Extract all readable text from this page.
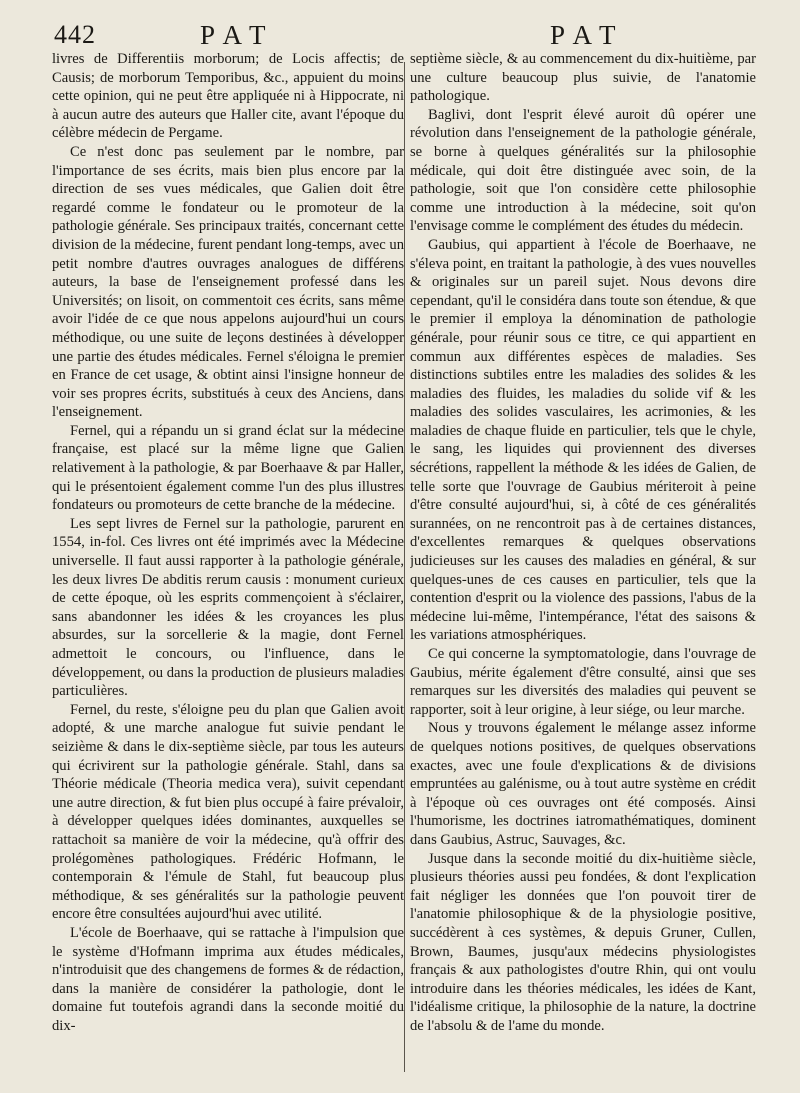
442	PAT	PAT

livres de Differentiis morborum; de Locis affectis; de Causis; de morborum Temporibus, &c., appuient du moins cette opinion, qui ne peut être appliquée ni à Hippocrate, ni à aucun autre des auteurs que Haller cite, avant l'époque du célèbre médecin de Pergame.

Ce n'est donc pas seulement par le nombre, par l'importance de ses écrits, mais bien plus encore par la direction de ses vues médicales, que Galien doit être regardé comme le fondateur ou le promoteur de la pathologie générale. Ses principaux traités, concernant cette division de la médecine, furent pendant long-temps, avec un petit nombre d'autres ouvrages analogues de différens auteurs, la base de l'enseignement professé dans les Universités; on lisoit, on commentoit ces écrits, sans même avoir l'idée de ce que nous appelons aujourd'hui un cours méthodique, ou une suite de leçons destinées à développer une partie des études médicales. Fernel s'éloigna le premier en France de cet usage, & obtint ainsi l'insigne honneur de voir ses propres écrits, substitués à ceux des Anciens, dans l'enseignement.

Fernel, qui a répandu un si grand éclat sur la médecine française, est placé sur la même ligne que Galien relativement à la pathologie, & par Boerhaave & par Haller, qui le présentoient également comme l'un des plus illustres fondateurs ou promoteurs de cette branche de la médecine.

Les sept livres de Fernel sur la pathologie, parurent en 1554, in-fol. Ces livres ont été imprimés avec la Médecine universelle. Il faut aussi rapporter à la pathologie générale, les deux livres De abditis rerum causis : monument curieux de cette époque, où les esprits commençoient à s'éclairer, sans abandonner les idées & les croyances les plus absurdes, sur la sorcellerie & la magie, dont Fernel admettoit le concours, ou l'influence, dans le développement, ou dans la production de plusieurs maladies particulières.

Fernel, du reste, s'éloigne peu du plan que Galien avoit adopté, & une marche analogue fut suivie pendant le seizième & dans le dix-septième siècle, par tous les auteurs qui écrivirent sur la pathologie générale. Stahl, dans sa Théorie médicale (Theoria medica vera), suivit cependant une autre direction, & fut bien plus occupé à faire prévaloir, à développer quelques idées dominantes, auxquelles se rattachoit sa manière de voir la médecine, qu'à offrir des prolégomènes pathologiques. Frédéric Hofmann, le contemporain & l'émule de Stahl, fut beaucoup plus méthodique, & ses généralités sur la pathologie peuvent encore être consultées aujourd'hui avec utilité.

L'école de Boerhaave, qui se rattache à l'impulsion que le système d'Hofmann imprima aux études médicales, n'introduisit que des changemens de formes & de rédaction, dans la manière de considérer la pathologie, dont le domaine fut toutefois agrandi dans la seconde moitié du dix-

septième siècle, & au commencement du dix-huitième, par une culture beaucoup plus suivie, de l'anatomie pathologique.

Baglivi, dont l'esprit élevé auroit dû opérer une révolution dans l'enseignement de la pathologie générale, se borne à quelques généralités sur la philosophie médicale, qui doit être distinguée avec soin, de la pathologie, soit que l'on considère cette philosophie comme une introduction à la médecine, soit qu'on l'envisage comme le complément des études du médecin.

Gaubius, qui appartient à l'école de Boerhaave, ne s'éleva point, en traitant la pathologie, à des vues nouvelles & originales sur un pareil sujet. Nous devons dire cependant, qu'il le considéra dans toute son étendue, & que le premier il employa la dénomination de pathologie générale, pour réunir sous ce titre, ce qui appartient en commun aux différentes espèces de maladies. Ses distinctions subtiles entre les maladies des solides & les maladies des fluides, les maladies du solide vif & les maladies des solides vasculaires, les acrimonies, & les maladies de chaque fluide en particulier, tels que le chyle, le sang, les liquides qui proviennent des diverses sécrétions, rappellent la méthode & les idées de Galien, de telle sorte que l'ouvrage de Gaubius mériteroit à peine d'être consulté aujourd'hui, si, à côté de ces généralités surannées, on ne rencontroit pas à de certaines distances, d'excellentes remarques & quelques observations judicieuses sur les causes des maladies en général, & sur quelques-unes de ces causes en particulier, tels que la contention d'esprit ou la violence des passions, l'abus de la médecine lui-même, l'intempérance, l'état des saisons & les variations atmosphériques.

Ce qui concerne la symptomatologie, dans l'ouvrage de Gaubius, mérite également d'être consulté, ainsi que ses remarques sur les diversités des maladies qui peuvent se rapporter, soit à leur origine, à leur siége, ou leur marche.

Nous y trouvons également le mélange assez informe de quelques notions positives, de quelques observations exactes, avec une foule d'explications & de divisions empruntées au galénisme, ou à tout autre système en crédit à l'époque où ces ouvrages ont été composés. Ainsi l'humorisme, les doctrines iatromathématiques, dominent dans Gaubius, Astruc, Sauvages, &c.

Jusque dans la seconde moitié du dix-huitième siècle, plusieurs théories aussi peu fondées, & dont l'explication fait négliger les données que l'on pouvoit tirer de l'anatomie philosophique & de la physiologie positive, succédèrent à ces systèmes, & depuis Gruner, Cullen, Brown, Baumes, jusqu'aux médecins physiologistes français & aux pathologistes d'outre Rhin, qui ont voulu introduire dans les théories médicales, les idées de Kant, l'idéalisme critique, la philosophie de la nature, la doctrine de l'absolu & de l'ame du monde.
